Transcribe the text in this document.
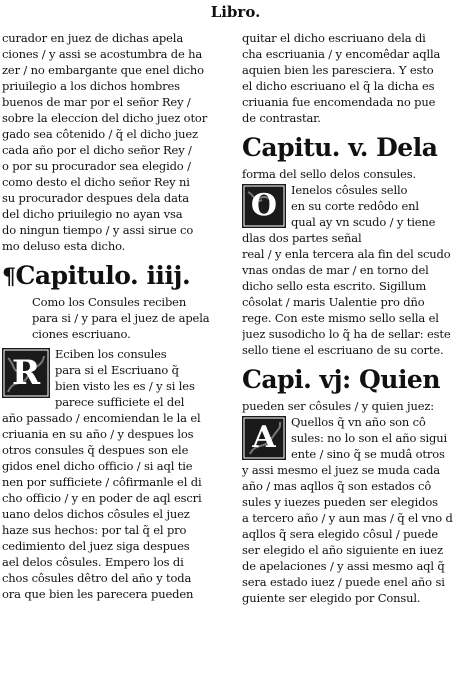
Libro.
curador en juez de dichas apela
ciones / y assi se acostumbra de ha
zer / no embargante que enel dicho
priuilegio a los dichos hombres
buenos de mar por el señor Rey /
sobre la eleccion del dicho juez otor
gado sea côtenido / q̃ el dicho juez
cada año por el dicho señor Rey /
o por su procurador sea elegido /
como desto el dicho señor Rey ni
su procurador despues dela data
del dicho priuilegio no ayan vsa
do ningun tiempo / y assi sirue co
mo deluso esta dicho.
¶Capitulo. iiij.
Como los Consules reciben
para si / y para el juez de apela
ciones escriuano.
R	Eciben los consules
para si el Escriuano q̃
bien visto les es / y si les
parece sufficiete el del
año passado / encomiendan le la el
criuania en su año / y despues los
otros consules q̃ despues son ele
gidos enel dicho officio / si aql tie
nen por sufficiete / côfirmanle el di
cho officio / y en poder de aql escri
uano delos dichos côsules el juez
haze sus hechos: por tal q̃ el pro
cedimiento del juez siga despues
ael delos côsules. Empero los di
chos côsules dêtro del año y toda
ora que bien les parecera pueden
quitar el dicho escriuano dela di
cha escriuania / y encomêdar aqlla
aquien bien les paresciera. Y esto
el dicho escriuano el q̃ la dicha es
criuania fue encomendada no pue
de contrastar.
Capitu. v. Dela
forma del sello delos consules.
O	Ienelos côsules sello
en su corte redôdo enl
qual ay vn scudo / y tiene
dlas dos partes señal
real / y enla tercera ala fin del scudo
vnas ondas de mar / en torno del
dicho sello esta escrito. Sigillum
côsolat / maris Ualentie pro dño
rege. Con este mismo sello sella el
juez susodicho lo q̃ ha de sellar: este
sello tiene el escriuano de su corte.
Capi. vj: Quien
pueden ser côsules / y quien juez:
A	Quellos q̃ vn año son cô
sules: no lo son el año sigui
ente / sino q̃ se mudâ otros
y assi mesmo el juez se muda cada
año / mas aqllos q̃ son estados cô
sules y iuezes pueden ser elegidos
a tercero año / y aun mas / q̃ el vno d
aqllos q̃ sera elegido côsul / puede
ser elegido el año siguiente en iuez
de apelaciones / y assi mesmo aql q̃
sera estado iuez / puede enel año si
guiente ser elegido por Consul.
